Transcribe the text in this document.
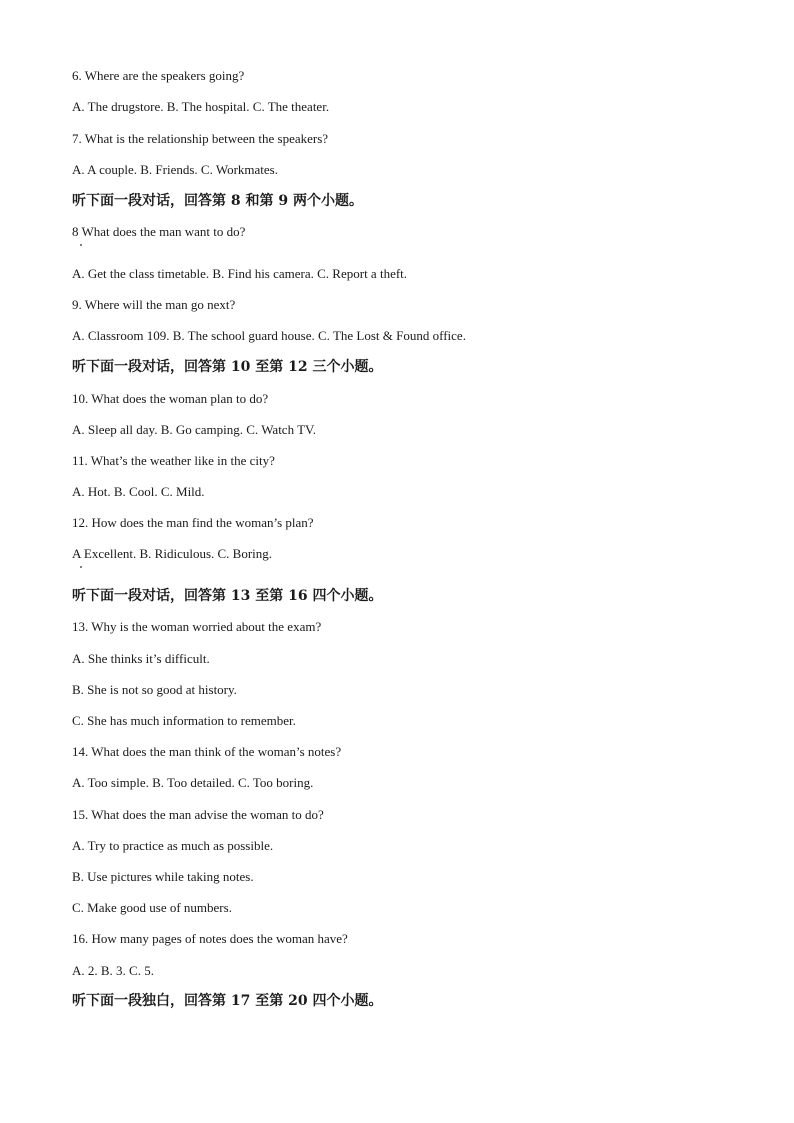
6. Where are the speakers going?
A. The drugstore. B. The hospital. C. The theater.
7. What is the relationship between the speakers?
A. A couple. B. Friends. C. Workmates.
听下面一段对话，回答第 8 和第 9 两个小题。
8 What does the man want to do?
A. Get the class timetable. B. Find his camera. C. Report a theft.
9. Where will the man go next?
A. Classroom 109. B. The school guard house. C. The Lost & Found office.
听下面一段对话，回答第 10 至第 12 三个小题。
10. What does the woman plan to do?
A. Sleep all day. B. Go camping. C. Watch TV.
11. What’s the weather like in the city?
A. Hot. B. Cool. C. Mild.
12. How does the man find the woman’s plan?
A Excellent. B. Ridiculous. C. Boring.
听下面一段对话，回答第 13 至第 16 四个小题。
13. Why is the woman worried about the exam?
A. She thinks it’s difficult.
B. She is not so good at history.
C. She has much information to remember.
14. What does the man think of the woman’s notes?
A. Too simple. B. Too detailed. C. Too boring.
15. What does the man advise the woman to do?
A. Try to practice as much as possible.
B. Use pictures while taking notes.
C. Make good use of numbers.
16. How many pages of notes does the woman have?
A. 2. B. 3. C. 5.
听下面一段独白，回答第 17 至第 20 四个小题。
